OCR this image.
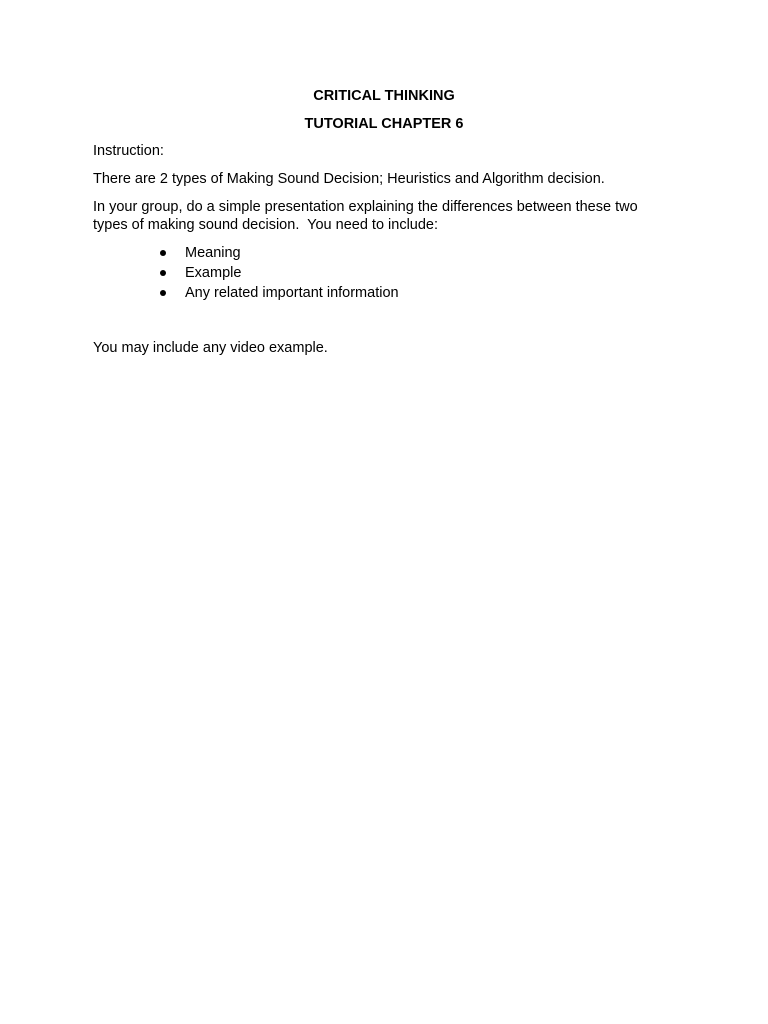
CRITICAL THINKING
TUTORIAL CHAPTER 6
Instruction:
There are 2 types of Making Sound Decision; Heuristics and Algorithm decision.
In your group, do a simple presentation explaining the differences between these two
types of making sound decision.  You need to include:
Meaning
Example
Any related important information
You may include any video example.
